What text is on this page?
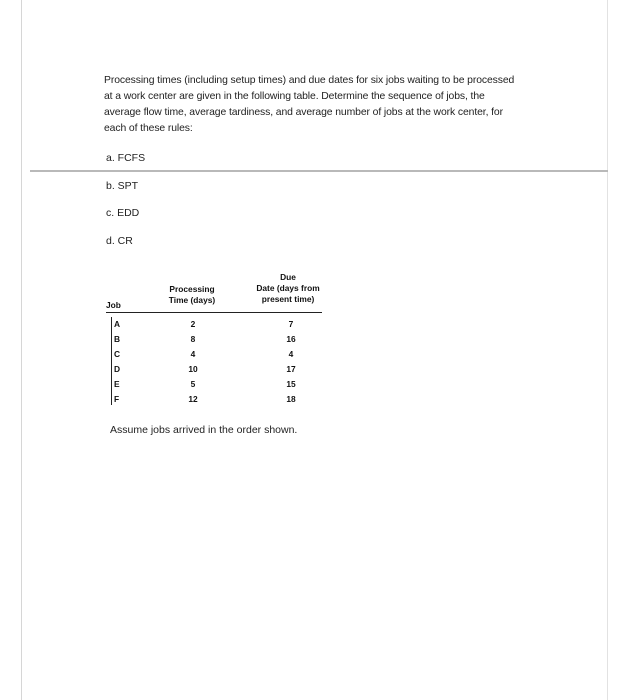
Processing times (including setup times) and due dates for six jobs waiting to be processed at a work center are given in the following table. Determine the sequence of jobs, the average flow time, average tardiness, and average number of jobs at the work center, for each of these rules:
a. FCFS
b. SPT
c. EDD
d. CR
Job
Processing
Time (days)
Due
Date (days from
present time)
A	2	7
B	8	16
C	4	4
D	10	17
E	5	15
F	12	18
Assume jobs arrived in the order shown.
